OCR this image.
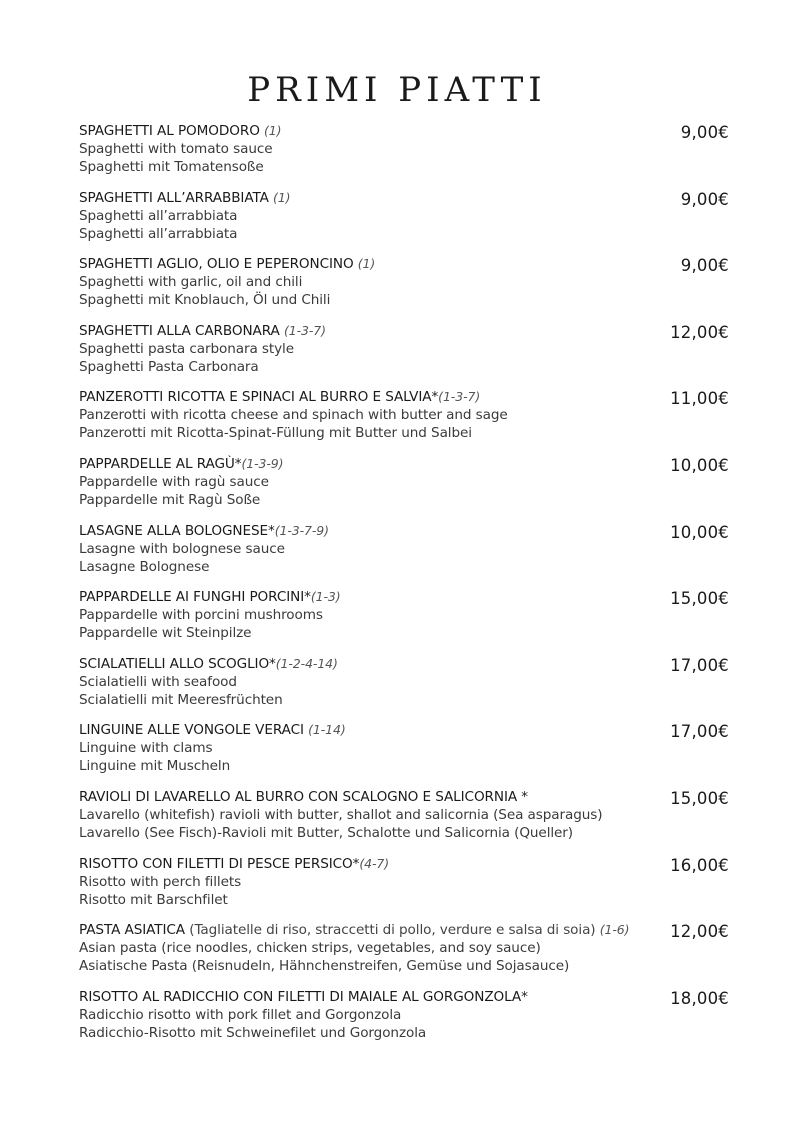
PRIMI PIATTI
SPAGHETTI AL POMODORO (1)
Spaghetti with tomato sauce
Spaghetti mit Tomatensoße
9,00€
SPAGHETTI ALL’ARRABBIATA (1)
Spaghetti all’arrabbiata
Spaghetti all’arrabbiata
9,00€
SPAGHETTI AGLIO, OLIO E PEPERONCINO (1)
Spaghetti with garlic, oil and chili
Spaghetti mit Knoblauch, Öl und Chili
9,00€
SPAGHETTI ALLA CARBONARA (1-3-7)
Spaghetti pasta carbonara style
Spaghetti Pasta Carbonara
12,00€
PANZEROTTI RICOTTA E SPINACI AL BURRO E SALVIA*(1-3-7)
Panzerotti with ricotta cheese and spinach with butter and sage
Panzerotti mit Ricotta-Spinat-Füllung mit Butter und Salbei
11,00€
PAPPARDELLE AL RAGÙ*(1-3-9)
Pappardelle with ragù sauce
Pappardelle mit Ragù Soße
10,00€
LASAGNE ALLA BOLOGNESE*(1-3-7-9)
Lasagne with bolognese sauce
Lasagne Bolognese
10,00€
PAPPARDELLE AI FUNGHI PORCINI*(1-3)
Pappardelle with porcini mushrooms
Pappardelle wit Steinpilze
15,00€
SCIALATIELLI ALLO SCOGLIO*(1-2-4-14)
Scialatielli with seafood
Scialatielli mit Meeresfrüchten
17,00€
LINGUINE ALLE VONGOLE VERACI (1-14)
Linguine with clams
Linguine mit Muscheln
17,00€
RAVIOLI DI LAVARELLO AL BURRO CON SCALOGNO E SALICORNIA *
Lavarello (whitefish) ravioli with butter, shallot and salicornia (Sea asparagus)
Lavarello (See Fisch)-Ravioli mit Butter, Schalotte und Salicornia (Queller)
15,00€
RISOTTO CON FILETTI DI PESCE PERSICO*(4-7)
Risotto with perch fillets
Risotto mit Barschfilet
16,00€
PASTA ASIATICA (Tagliatelle di riso, straccetti di pollo, verdure e salsa di soia) (1-6)
Asian pasta (rice noodles, chicken strips, vegetables, and soy sauce)
Asiatische Pasta (Reisnudeln, Hähnchenstreifen, Gemüse und Sojasauce)
12,00€
RISOTTO AL RADICCHIO CON FILETTI DI MAIALE AL GORGONZOLA*
Radicchio risotto with pork fillet and Gorgonzola
Radicchio-Risotto mit Schweinefilet und Gorgonzola
18,00€
